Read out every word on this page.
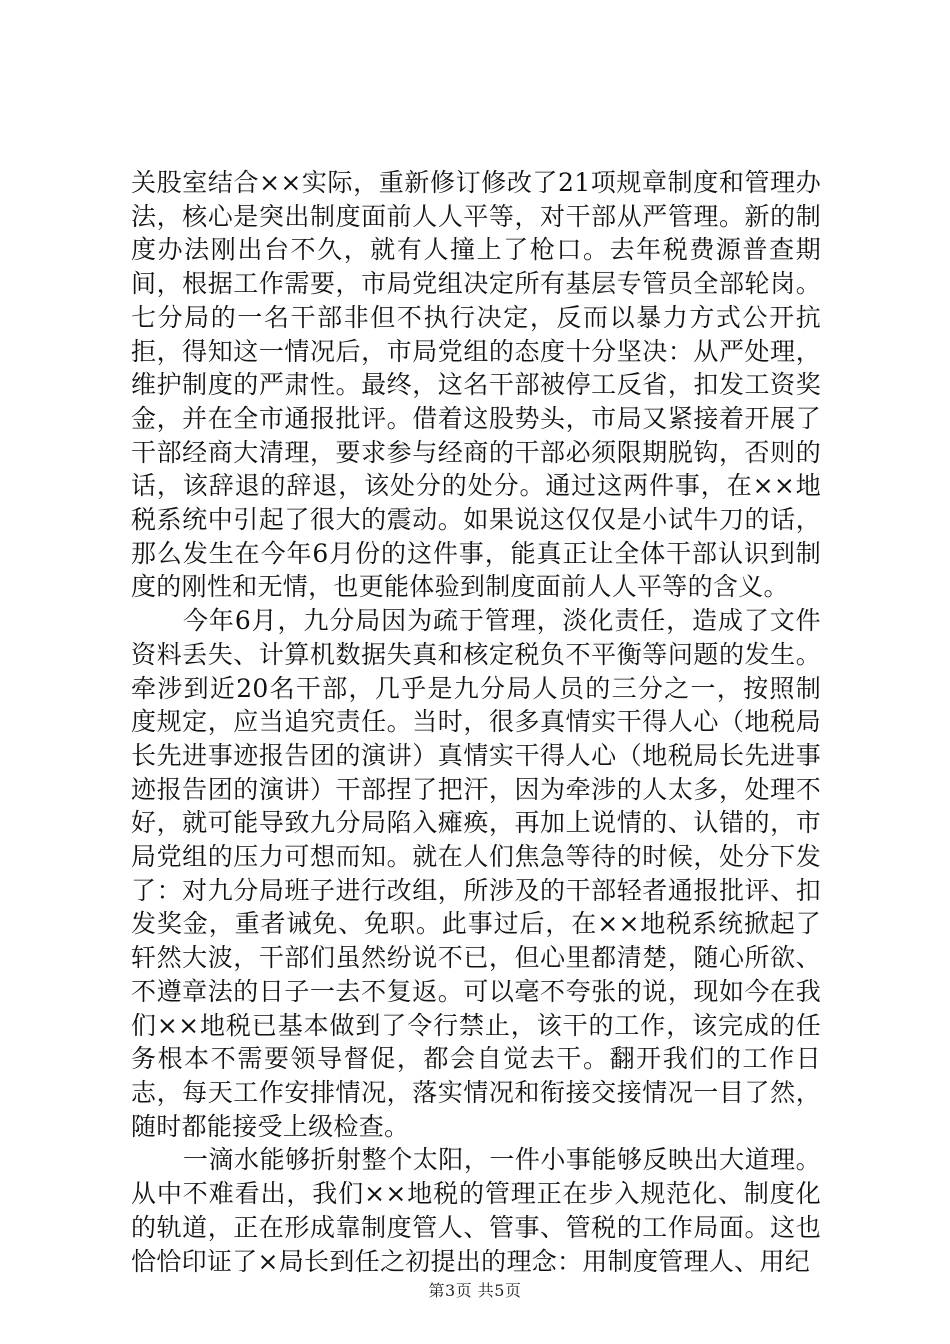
关股室结合××实际，重新修订修改了21项规章制度和管理办法，核心是突出制度面前人人平等，对干部从严管理。新的制度办法刚出台不久，就有人撞上了枪口。去年税费源普查期间，根据工作需要，市局党组决定所有基层专管员全部轮岗。七分局的一名干部非但不执行决定，反而以暴力方式公开抗拒，得知这一情况后，市局党组的态度十分坚决：从严处理，维护制度的严肃性。最终，这名干部被停工反省，扣发工资奖金，并在全市通报批评。借着这股势头，市局又紧接着开展了干部经商大清理，要求参与经商的干部必须限期脱钩，否则的话，该辞退的辞退，该处分的处分。通过这两件事，在××地税系统中引起了很大的震动。如果说这仅仅是小试牛刀的话，那么发生在今年6月份的这件事，能真正让全体干部认识到制度的刚性和无情，也更能体验到制度面前人人平等的含义。

今年6月，九分局因为疏于管理，淡化责任，造成了文件资料丢失、计算机数据失真和核定税负不平衡等问题的发生。牵涉到近20名干部，几乎是九分局人员的三分之一，按照制度规定，应当追究责任。当时，很多真情实干得人心（地税局长先进事迹报告团的演讲）真情实干得人心（地税局长先进事迹报告团的演讲）干部捏了把汗，因为牵涉的人太多，处理不好，就可能导致九分局陷入瘫痪，再加上说情的、认错的，市局党组的压力可想而知。就在人们焦急等待的时候，处分下发了：对九分局班子进行改组，所涉及的干部轻者通报批评、扣发奖金，重者诫免、免职。此事过后，在××地税系统掀起了轩然大波，干部们虽然纷说不已，但心里都清楚，随心所欲、不遵章法的日子一去不复返。可以毫不夸张的说，现如今在我们××地税已基本做到了令行禁止，该干的工作，该完成的任务根本不需要领导督促，都会自觉去干。翻开我们的工作日志，每天工作安排情况，落实情况和衔接交接情况一目了然，随时都能接受上级检查。

一滴水能够折射整个太阳，一件小事能够反映出大道理。从中不难看出，我们××地税的管理正在步入规范化、制度化的轨道，正在形成靠制度管人、管事、管税的工作局面。这也恰恰印证了×局长到任之初提出的理念：用制度管理人、用纪

第3页 共5页
